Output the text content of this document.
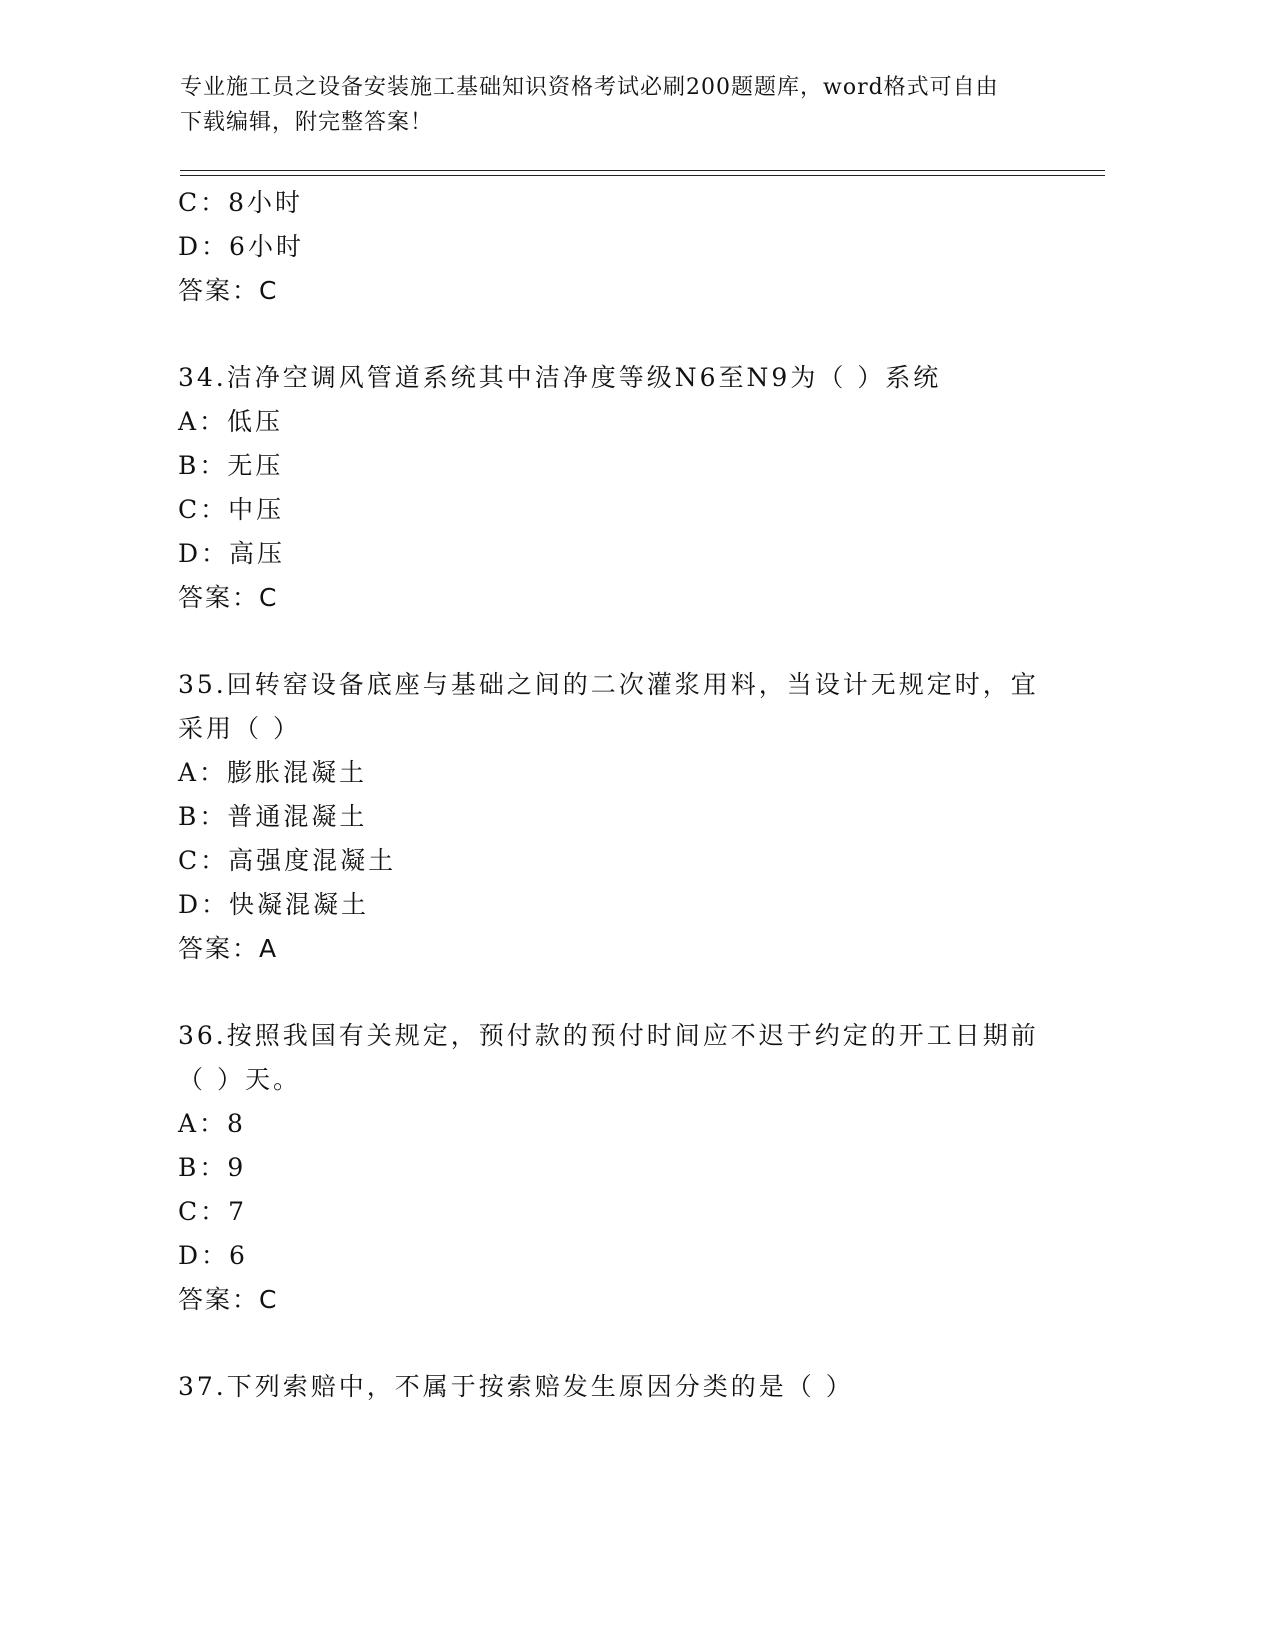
专业施工员之设备安装施工基础知识资格考试必刷200题题库，word格式可自由
下载编辑，附完整答案！
C：8小时
D：6小时
答案：C
34.洁净空调风管道系统其中洁净度等级N6至N9为（ ）系统
A：低压
B：无压
C：中压
D：高压
答案：C
35.回转窑设备底座与基础之间的二次灌浆用料，当设计无规定时，宜
采用（ ）
A：膨胀混凝土
B：普通混凝土
C：高强度混凝土
D：快凝混凝土
答案：A
36.按照我国有关规定，预付款的预付时间应不迟于约定的开工日期前
（ ）天。
A：8
B：9
C：7
D：6
答案：C
37.下列索赔中，不属于按索赔发生原因分类的是（ ）
